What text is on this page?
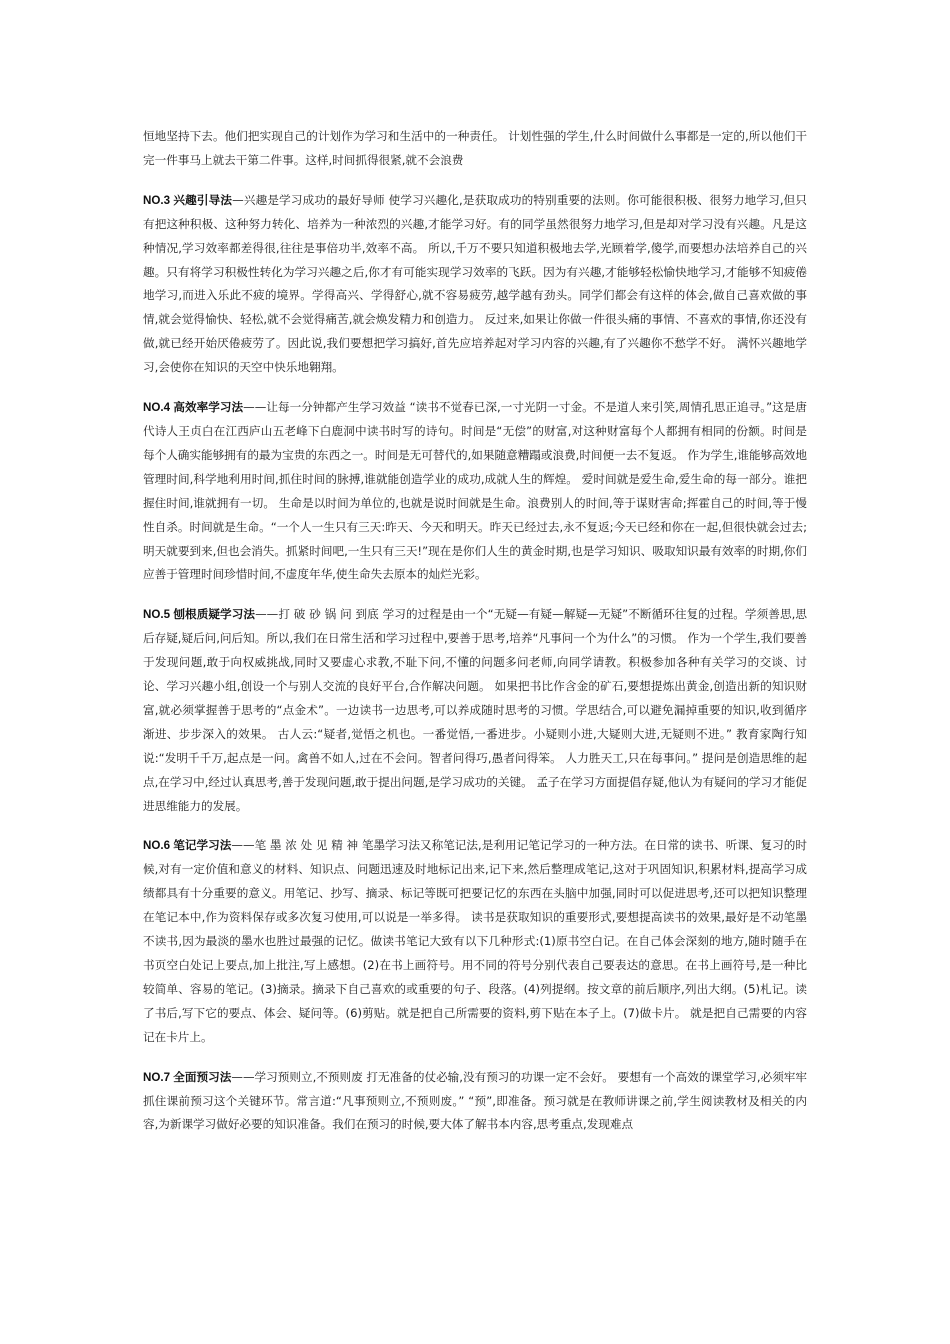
恒地坚持下去。他们把实现自己的计划作为学习和生活中的一种责任。 计划性强的学生,什么时间做什么事都是一定的,所以他们干完一件事马上就去干第二件事。这样,时间抓得很紧,就不会浪费

NO.3 兴趣引导法—兴趣是学习成功的最好导师 使学习兴趣化,是获取成功的特别重要的法则。你可能很积极、很努力地学习,但只有把这种积极、这种努力转化、培养为一种浓烈的兴趣,才能学习好。有的同学虽然很努力地学习,但是却对学习没有兴趣。凡是这种情况,学习效率都差得很,往往是事倍功半,效率不高。 所以,千万不要只知道积极地去学,光顾着学,傻学,而要想办法培养自己的兴趣。只有将学习积极性转化为学习兴趣之后,你才有可能实现学习效率的飞跃。因为有兴趣,才能够轻松愉快地学习,才能够不知疲倦地学习,而进入乐此不疲的境界。学得高兴、学得舒心,就不容易疲劳,越学越有劲头。同学们都会有这样的体会,做自己喜欢做的事情,就会觉得愉快、轻松,就不会觉得痛苦,就会焕发精力和创造力。 反过来,如果让你做一件很头痛的事情、不喜欢的事情,你还没有做,就已经开始厌倦疲劳了。因此说,我们要想把学习搞好,首先应培养起对学习内容的兴趣,有了兴趣你不愁学不好。 满怀兴趣地学习,会使你在知识的天空中快乐地翱翔。

NO.4 高效率学习法——让每一分钟都产生学习效益 “读书不觉春已深,一寸光阴一寸金。不是道人来引笑,周情孔思正追寻。”这是唐代诗人王贞白在江西庐山五老峰下白鹿洞中读书时写的诗句。时间是“无偿”的财富,对这种财富每个人都拥有相同的份额。时间是每个人确实能够拥有的最为宝贵的东西之一。时间是无可替代的,如果随意糟蹋或浪费,时间便一去不复返。 作为学生,谁能够高效地管理时间,科学地利用时间,抓住时间的脉搏,谁就能创造学业的成功,成就人生的辉煌。 爱时间就是爱生命,爱生命的每一部分。谁把握住时间,谁就拥有一切。 生命是以时间为单位的,也就是说时间就是生命。浪费别人的时间,等于谋财害命;挥霍自己的时间,等于慢性自杀。时间就是生命。“一个人一生只有三天:昨天、今天和明天。昨天已经过去,永不复返;今天已经和你在一起,但很快就会过去;明天就要到来,但也会消失。抓紧时间吧,一生只有三天!”现在是你们人生的黄金时期,也是学习知识、吸取知识最有效率的时期,你们应善于管理时间珍惜时间,不虚度年华,使生命失去原本的灿烂光彩。

NO.5 刨根质疑学习法——打 破 砂 锅 问 到底 学习的过程是由一个“无疑—有疑—解疑—无疑”不断循环往复的过程。学须善思,思后存疑,疑后问,问后知。所以,我们在日常生活和学习过程中,要善于思考,培养“凡事问一个为什么”的习惯。 作为一个学生,我们要善于发现问题,敢于向权威挑战,同时又要虚心求教,不耻下问,不懂的问题多问老师,向同学请教。积极参加各种有关学习的交谈、讨论、学习兴趣小组,创设一个与别人交流的良好平台,合作解决问题。 如果把书比作含金的矿石,要想提炼出黄金,创造出新的知识财富,就必须掌握善于思考的“点金术”。一边读书一边思考,可以养成随时思考的习惯。学思结合,可以避免漏掉重要的知识,收到循序渐进、步步深入的效果。 古人云:“疑者,觉悟之机也。一番觉悟,一番进步。小疑则小进,大疑则大进,无疑则不进。” 教育家陶行知说:“发明千千万,起点是一问。禽兽不如人,过在不会问。智者问得巧,愚者问得笨。 人力胜天工,只在每事问。” 提问是创造思维的起点,在学习中,经过认真思考,善于发现问题,敢于提出问题,是学习成功的关键。 孟子在学习方面提倡存疑,他认为有疑问的学习才能促进思维能力的发展。

NO.6 笔记学习法——笔 墨 浓 处 见 精 神 笔墨学习法又称笔记法,是利用记笔记学习的一种方法。在日常的读书、听课、复习的时候,对有一定价值和意义的材料、知识点、问题迅速及时地标记出来,记下来,然后整理成笔记,这对于巩固知识,积累材料,提高学习成绩都具有十分重要的意义。用笔记、抄写、摘录、标记等既可把要记忆的东西在头脑中加强,同时可以促进思考,还可以把知识整理在笔记本中,作为资料保存或多次复习使用,可以说是一举多得。 读书是获取知识的重要形式,要想提高读书的效果,最好是不动笔墨不读书,因为最淡的墨水也胜过最强的记忆。做读书笔记大致有以下几种形式:(1)原书空白记。在自己体会深刻的地方,随时随手在书页空白处记上要点,加上批注,写上感想。(2)在书上画符号。用不同的符号分别代表自己要表达的意思。在书上画符号,是一种比较简单、容易的笔记。(3)摘录。摘录下自己喜欢的或重要的句子、段落。(4)列提纲。按文章的前后顺序,列出大纲。(5)札记。读了书后,写下它的要点、体会、疑问等。(6)剪贴。就是把自己所需要的资料,剪下贴在本子上。(7)做卡片。 就是把自己需要的内容记在卡片上。

NO.7 全面预习法——学习预则立,不预则废 打无准备的仗必输,没有预习的功课一定不会好。 要想有一个高效的课堂学习,必须牢牢抓住课前预习这个关键环节。常言道:“凡事预则立,不预则废。” “预”,即准备。预习就是在教师讲课之前,学生阅读教材及相关的内容,为新课学习做好必要的知识准备。我们在预习的时候,要大体了解书本内容,思考重点,发现难点
